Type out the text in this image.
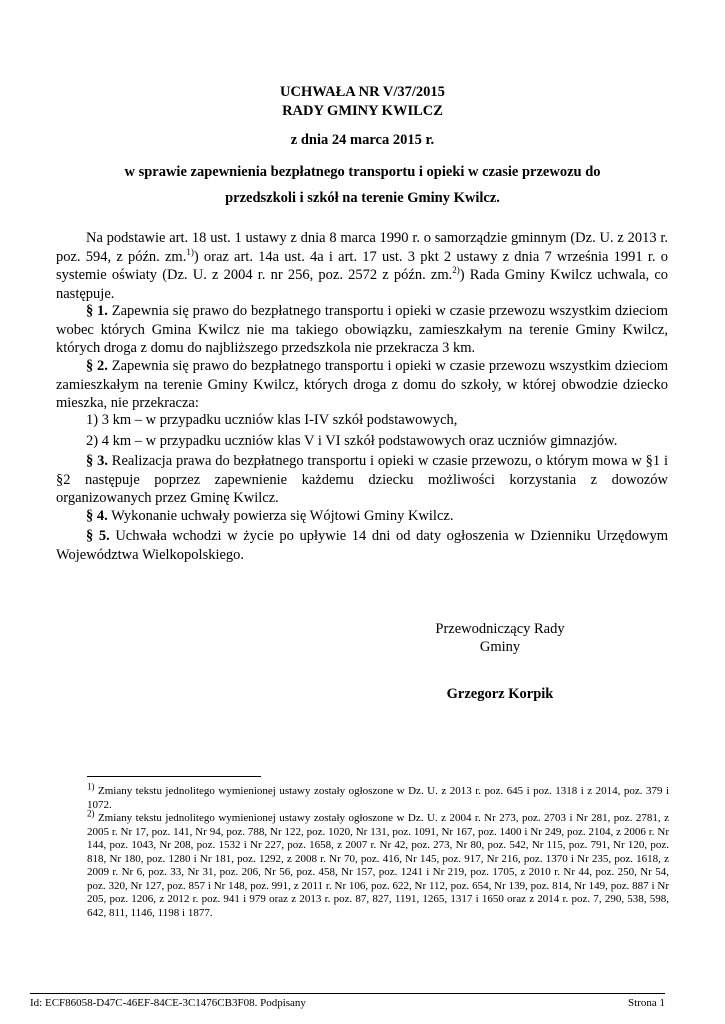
UCHWAŁA NR V/37/2015
RADY GMINY KWILCZ
z dnia 24 marca 2015 r.
w sprawie zapewnienia bezpłatnego transportu i opieki w czasie przewozu do
przedszkoli i szkół na terenie Gminy Kwilcz.

Na podstawie art. 18 ust. 1 ustawy z dnia 8 marca 1990 r. o samorządzie gminnym (Dz. U. z 2013 r. poz. 594, z późn. zm.$^{1)}$) oraz art. 14a ust. 4a i art. 17 ust. 3 pkt 2 ustawy z dnia 7 września 1991 r. o systemie oświaty (Dz. U. z 2004 r. nr 256, poz. 2572 z późn. zm.$^{2)}$) Rada Gminy Kwilcz uchwala, co następuje.

§ 1. Zapewnia się prawo do bezpłatnego transportu i opieki w czasie przewozu wszystkim dzieciom wobec których Gmina Kwilcz nie ma takiego obowiązku, zamieszkałym na terenie Gminy Kwilcz, których droga z domu do najbliższego przedszkola nie przekracza 3 km.

§ 2. Zapewnia się prawo do bezpłatnego transportu i opieki w czasie przewozu wszystkim dzieciom zamieszkałym na terenie Gminy Kwilcz, których droga z domu do szkoły, w której obwodzie dziecko mieszka, nie przekracza:

1) 3 km – w przypadku uczniów klas I-IV szkół podstawowych,

2) 4 km – w przypadku uczniów klas V i VI szkół podstawowych oraz uczniów gimnazjów.

§ 3. Realizacja prawa do bezpłatnego transportu i opieki w czasie przewozu, o którym mowa w §1 i §2 następuje poprzez zapewnienie każdemu dziecku możliwości korzystania z dowozów organizowanych przez Gminę Kwilcz.

§ 4. Wykonanie uchwały powierza się Wójtowi Gminy Kwilcz.

§ 5. Uchwała wchodzi w życie po upływie 14 dni od daty ogłoszenia w Dzienniku Urzędowym Województwa Wielkopolskiego.

Przewodniczący Rady
Gminy
Grzegorz Korpik
$^{1)}$ Zmiany tekstu jednolitego wymienionej ustawy zostały ogłoszone w Dz. U. z 2013 r. poz. 645 i poz. 1318 i z 2014, poz. 379 i 1072.
$^{2)}$ Zmiany tekstu jednolitego wymienionej ustawy zostały ogłoszone w Dz. U. z 2004 r. Nr 273, poz. 2703 i Nr 281, poz. 2781, z 2005 r. Nr 17, poz. 141, Nr 94, poz. 788, Nr 122, poz. 1020, Nr 131, poz. 1091, Nr 167, poz. 1400 i Nr 249, poz. 2104, z 2006 r. Nr 144, poz. 1043, Nr 208, poz. 1532 i Nr 227, poz. 1658, z 2007 r. Nr 42, poz. 273, Nr 80, poz. 542, Nr 115, poz. 791, Nr 120, poz. 818, Nr 180, poz. 1280 i Nr 181, poz. 1292, z 2008 r. Nr 70, poz. 416, Nr 145, poz. 917, Nr 216, poz. 1370 i Nr 235, poz. 1618, z 2009 r. Nr 6, poz. 33, Nr 31, poz. 206, Nr 56, poz. 458, Nr 157, poz. 1241 i Nr 219, poz. 1705, z 2010 r. Nr 44, poz. 250, Nr 54, poz. 320, Nr 127, poz. 857 i Nr 148, poz. 991, z 2011 r. Nr 106, poz. 622, Nr 112, poz. 654, Nr 139, poz. 814, Nr 149, poz. 887 i Nr 205, poz. 1206, z 2012 r. poz. 941 i 979 oraz z 2013 r. poz. 87, 827, 1191, 1265, 1317 i 1650 oraz z 2014 r. poz. 7, 290, 538, 598, 642, 811, 1146, 1198 i 1877.
Id: ECF86058-D47C-46EF-84CE-3C1476CB3F08. Podpisany	Strona 1
